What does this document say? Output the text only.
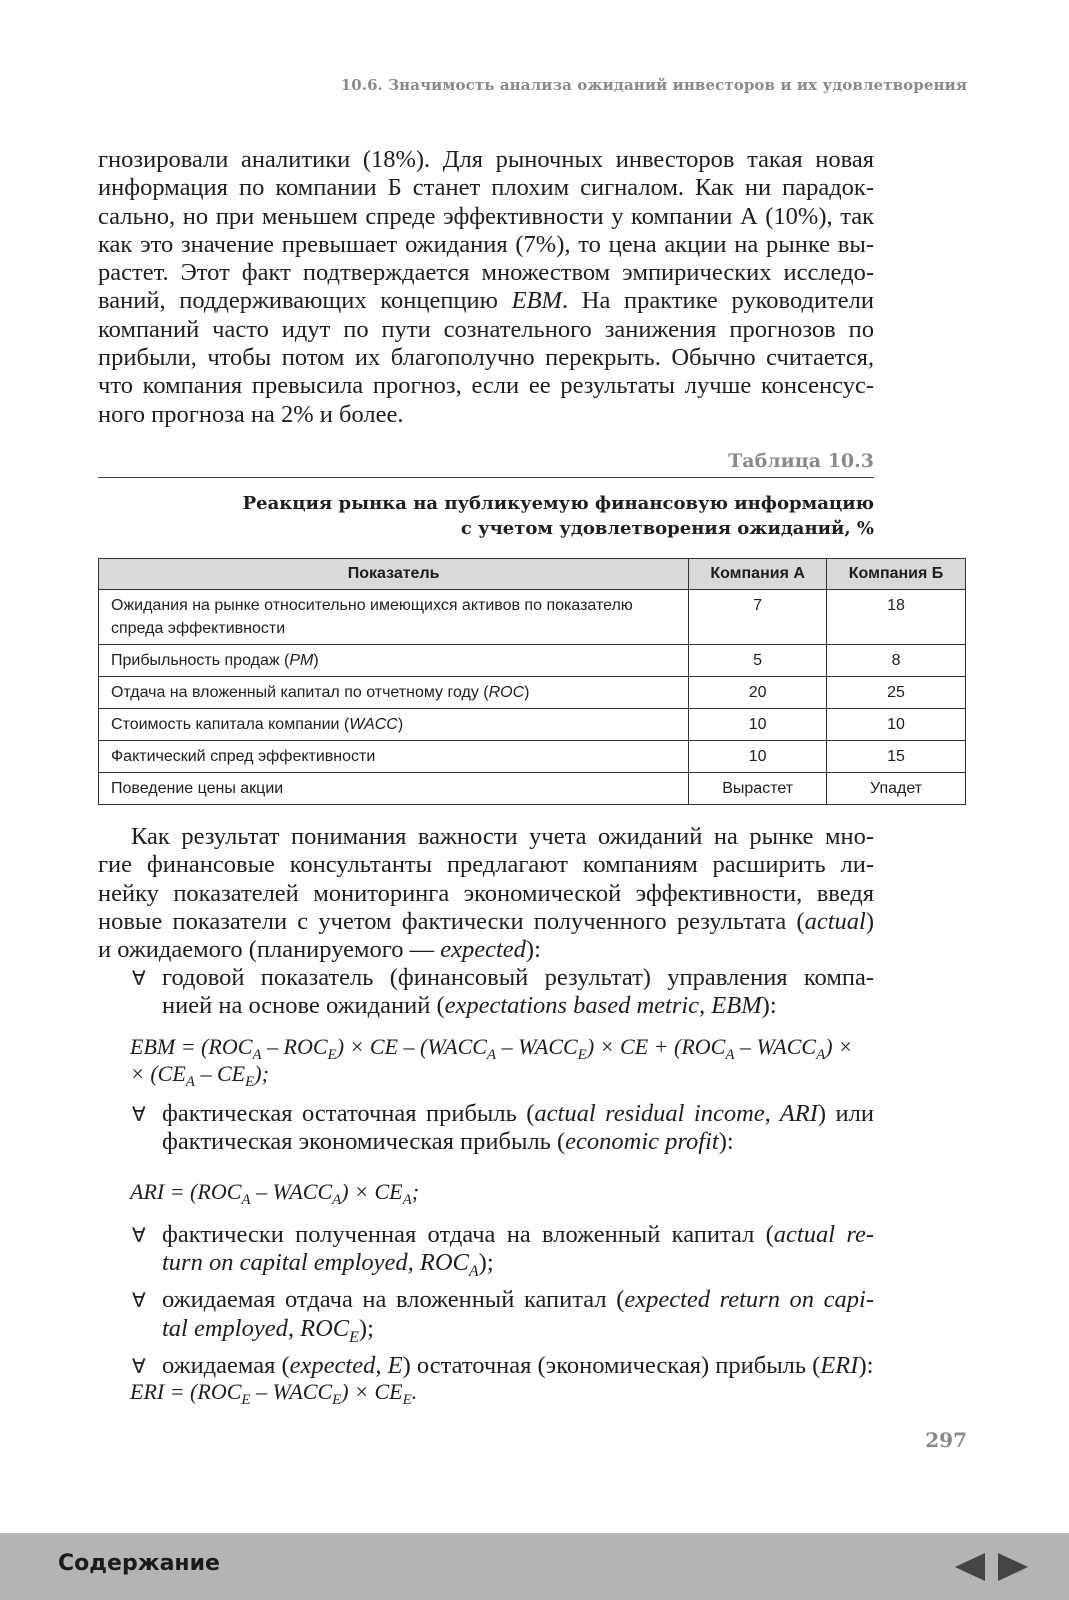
10.6. Значимость анализа ожиданий инвесторов и их удовлетворения
гнозировали аналитики (18%). Для рыночных инвесторов такая новая
информация по компании Б станет плохим сигналом. Как ни парадок-
сально, но при меньшем спреде эффективности у компании А (10%), так
как это значение превышает ожидания (7%), то цена акции на рынке вы-
растет. Этот факт подтверждается множеством эмпирических исследо-
ваний, поддерживающих концепцию EBM. На практике руководители
компаний часто идут по пути сознательного занижения прогнозов по
прибыли, чтобы потом их благополучно перекрыть. Обычно считается,
что компания превысила прогноз, если ее результаты лучше консенсус-
ного прогноза на 2% и более.
Таблица 10.3
Реакция рынка на публикуемую финансовую информацию
с учетом удовлетворения ожиданий, %
Показатель	Компания А	Компания Б

Ожидания на рынке относительно имеющихся активов по показателю
спреда эффективности	7	18
Прибыльность продаж (PM)	5	8
Отдача на вложенный капитал по отчетному году (ROC)	20	25
Стоимость капитала компании (WACC)	10	10
Фактический спред эффективности	10	15
Поведение цены акции	Вырастет	Упадет
Как результат понимания важности учета ожиданий на рынке мно-
гие финансовые консультанты предлагают компаниям расширить ли-
нейку показателей мониторинга экономической эффективности, введя
новые показатели с учетом фактически полученного результата (actual)
и ожидаемого (планируемого — expected):
∀ годовой показатель (финансовый результат) управления компа-
нией на основе ожиданий (expectations based metric, EBM):
EBM = $(ROC_A - ROC_E)$ × CE – ($WACC_A$ – $WACC_E$) × CE + ($ROC_A$ – $WACC_A$) ×
× $(CE_A - CE_E)$;
∀ фактическая остаточная прибыль (actual residual income, ARI) или
фактическая экономическая прибыль (economic profit):
ARI = ($ROC_A$ – $WACC_A) \times CE_A$;
∀ фактически полученная отдача на вложенный капитал (actual re-
turn on capital employed, $ROC_A$);
∀ ожидаемая отдача на вложенный капитал (expected return on capi-
tal employed, $ROC_E$);
∀ ожидаемая (expected, E) остаточная (экономическая) прибыль (ERI):
ERI = ($ROC_E$ – $WACC_E) \times CE_E$.
297
Содержание
